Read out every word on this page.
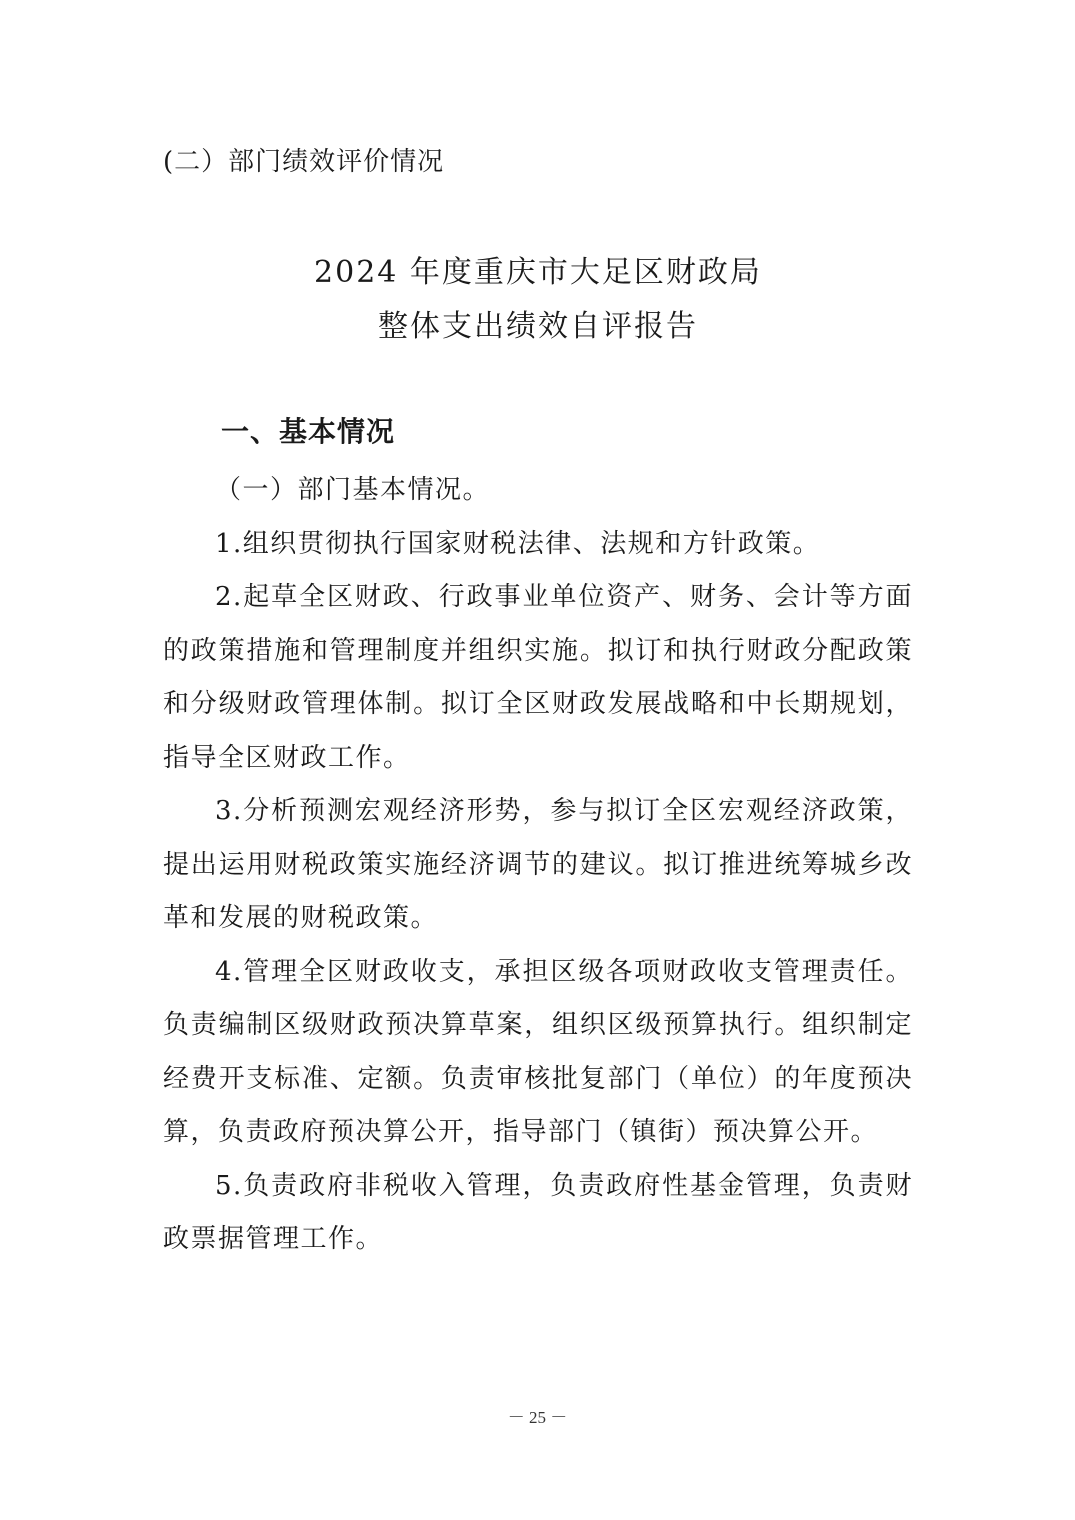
(二）部门绩效评价情况
2024 年度重庆市大足区财政局
整体支出绩效自评报告
一、基本情况

（一）部门基本情况。

1.组织贯彻执行国家财税法律、法规和方针政策。

2.起草全区财政、行政事业单位资产、财务、会计等方面的政策措施和管理制度并组织实施。拟订和执行财政分配政策和分级财政管理体制。拟订全区财政发展战略和中长期规划，指导全区财政工作。

3.分析预测宏观经济形势，参与拟订全区宏观经济政策，提出运用财税政策实施经济调节的建议。拟订推进统筹城乡改革和发展的财税政策。

4.管理全区财政收支，承担区级各项财政收支管理责任。负责编制区级财政预决算草案，组织区级预算执行。组织制定经费开支标准、定额。负责审核批复部门（单位）的年度预决算，负责政府预决算公开，指导部门（镇街）预决算公开。

5.负责政府非税收入管理，负责政府性基金管理，负责财政票据管理工作。

－ 25 －
